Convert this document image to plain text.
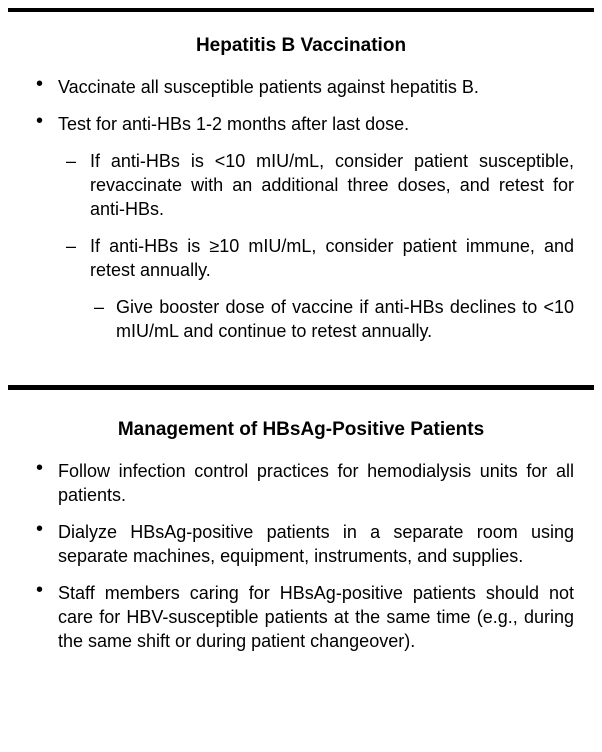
Hepatitis B Vaccination
• Vaccinate all susceptible patients against hepatitis B.
• Test for anti-HBs 1-2 months after last dose.
– If anti-HBs is <10 mIU/mL, consider patient susceptible, revaccinate with an additional three doses, and retest for anti-HBs.
– If anti-HBs is ≥10 mIU/mL, consider patient immune, and retest annually.
– Give booster dose of vaccine if anti-HBs declines to <10 mIU/mL and continue to retest annually.
Management of HBsAg-Positive Patients
• Follow infection control practices for hemodialysis units for all patients.
• Dialyze HBsAg-positive patients in a separate room using separate machines, equipment, instruments, and supplies.
• Staff members caring for HBsAg-positive patients should not care for HBV-susceptible patients at the same time (e.g., during the same shift or during patient changeover).
